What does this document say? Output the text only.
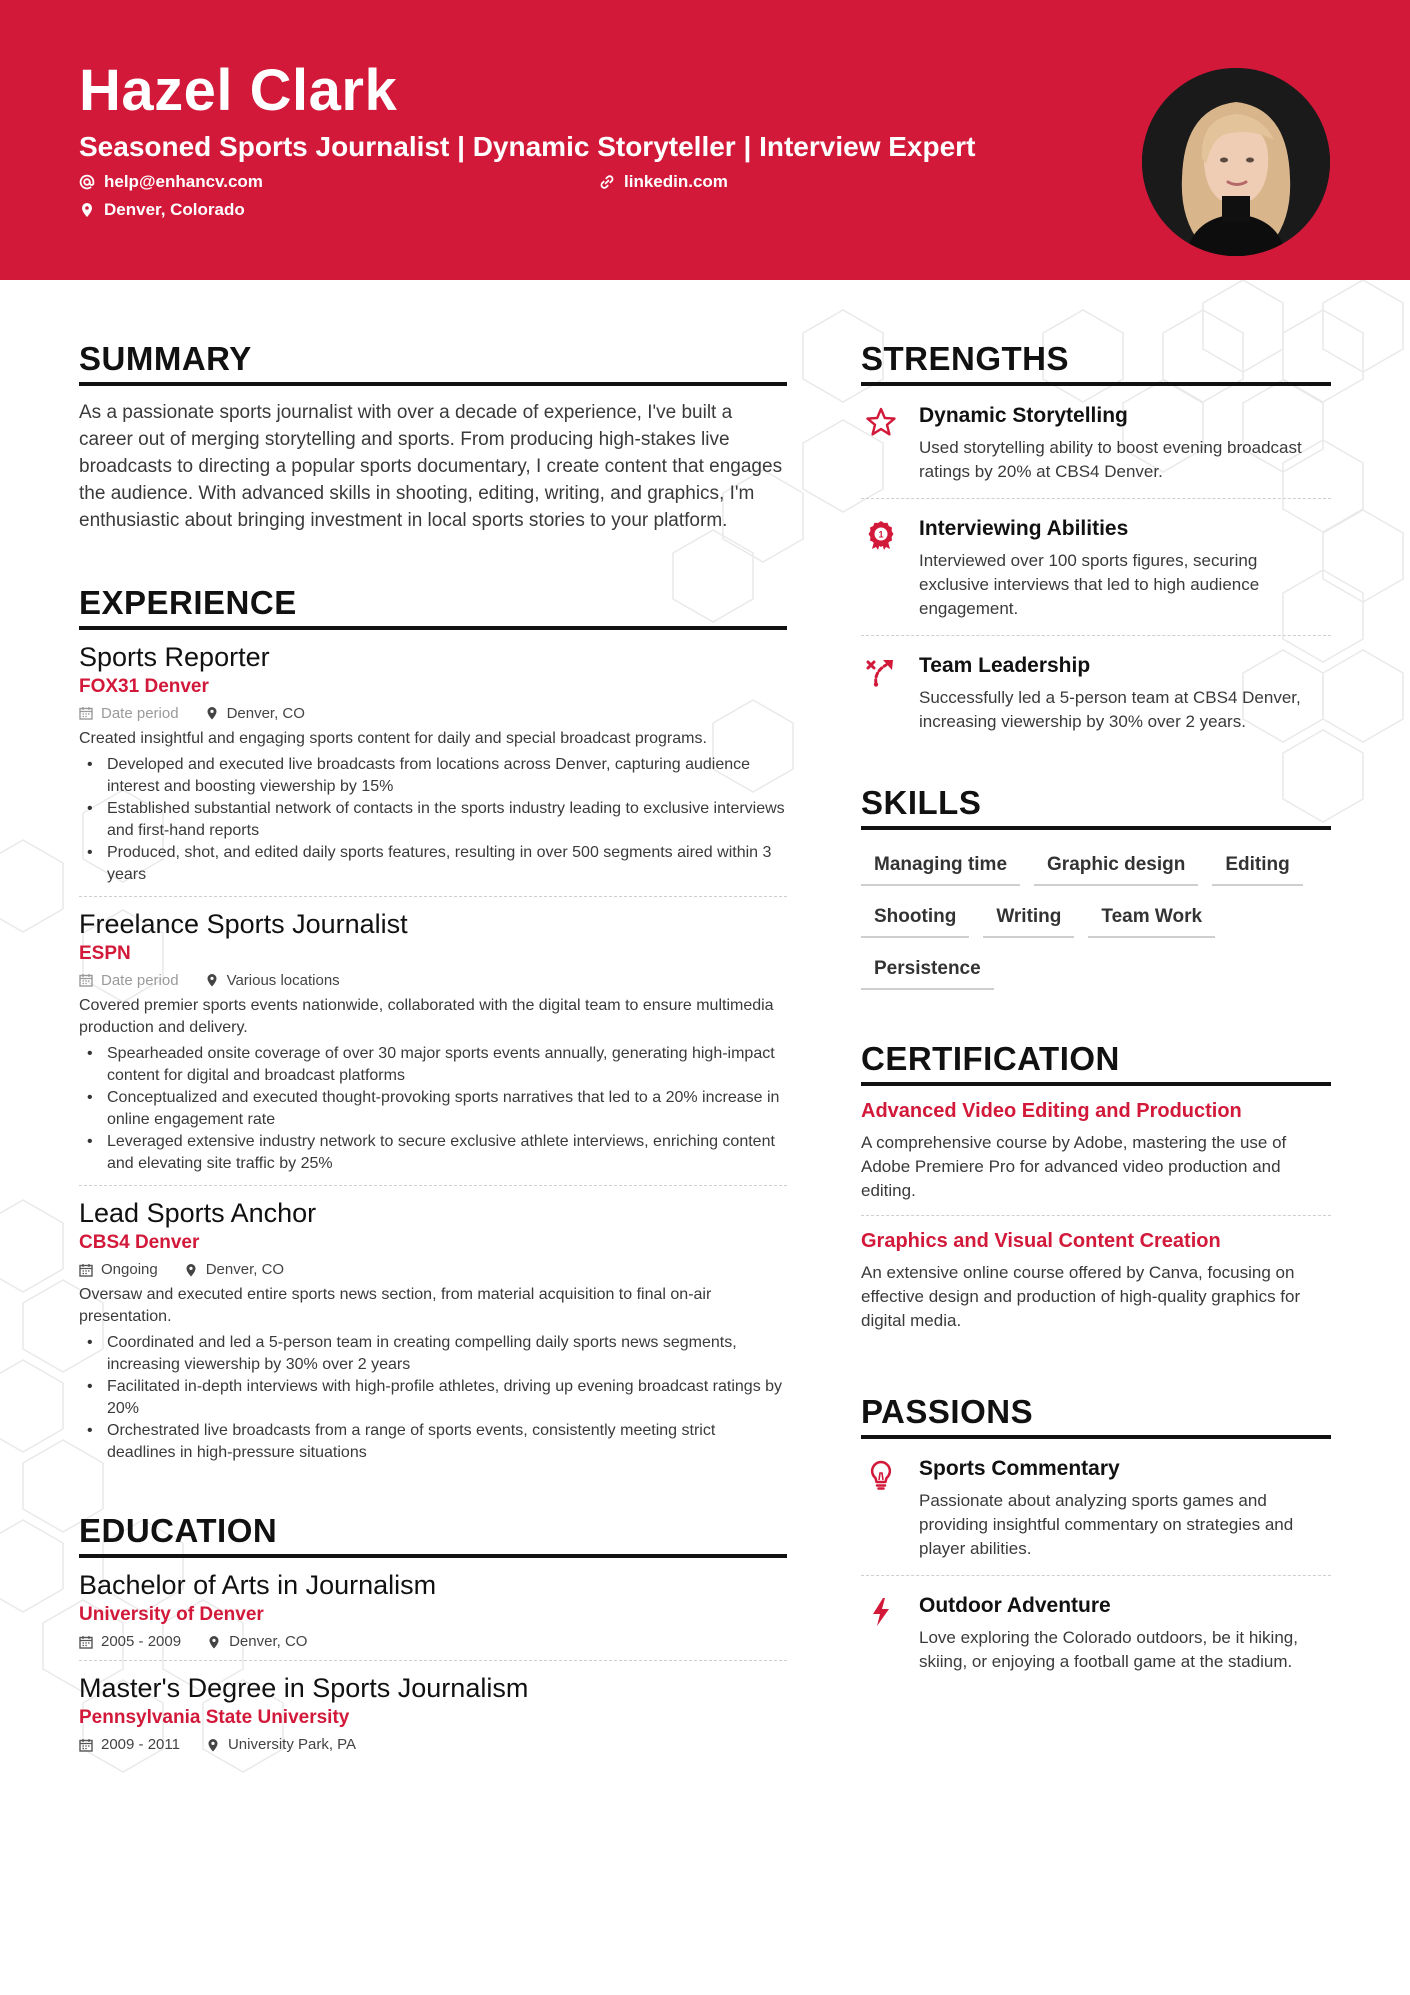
Hazel Clark
Seasoned Sports Journalist | Dynamic Storyteller | Interview Expert
help@enhancv.com	linkedin.com
Denver, Colorado
SUMMARY

As a passionate sports journalist with over a decade of experience, I've built a career out of merging storytelling and sports. From producing high-stakes live broadcasts to directing a popular sports documentary, I create content that engages the audience. With advanced skills in shooting, editing, writing, and graphics, I'm enthusiastic about bringing investment in local sports stories to your platform.

EXPERIENCE
Sports Reporter
FOX31 Denver
Date period	Denver, CO
Created insightful and engaging sports content for daily and special broadcast programs.
• Developed and executed live broadcasts from locations across Denver, capturing audience interest and boosting viewership by 15%
• Established substantial network of contacts in the sports industry leading to exclusive interviews and first-hand reports
• Produced, shot, and edited daily sports features, resulting in over 500 segments aired within 3 years
Freelance Sports Journalist
ESPN
Date period	Various locations
Covered premier sports events nationwide, collaborated with the digital team to ensure multimedia production and delivery.
• Spearheaded onsite coverage of over 30 major sports events annually, generating high-impact content for digital and broadcast platforms
• Conceptualized and executed thought-provoking sports narratives that led to a 20% increase in online engagement rate
• Leveraged extensive industry network to secure exclusive athlete interviews, enriching content and elevating site traffic by 25%
Lead Sports Anchor
CBS4 Denver
Ongoing	Denver, CO
Oversaw and executed entire sports news section, from material acquisition to final on-air presentation.
• Coordinated and led a 5-person team in creating compelling daily sports news segments, increasing viewership by 30% over 2 years
• Facilitated in-depth interviews with high-profile athletes, driving up evening broadcast ratings by 20%
• Orchestrated live broadcasts from a range of sports events, consistently meeting strict deadlines in high-pressure situations
EDUCATION
Bachelor of Arts in Journalism
University of Denver
2005 - 2009	Denver, CO
Master's Degree in Sports Journalism
Pennsylvania State University
2009 - 2011	University Park, PA
STRENGTHS
Dynamic Storytelling
Used storytelling ability to boost evening broadcast ratings by 20% at CBS4 Denver.
1 Interviewing Abilities
Interviewed over 100 sports figures, securing exclusive interviews that led to high audience engagement.
Team Leadership
Successfully led a 5-person team at CBS4 Denver, increasing viewership by 30% over 2 years.
SKILLS
Managing time	Graphic design	Editing
Shooting	Writing	Team Work
Persistence
CERTIFICATION
Advanced Video Editing and Production
A comprehensive course by Adobe, mastering the use of Adobe Premiere Pro for advanced video production and editing.
Graphics and Visual Content Creation
An extensive online course offered by Canva, focusing on effective design and production of high-quality graphics for digital media.
PASSIONS
Sports Commentary
Passionate about analyzing sports games and providing insightful commentary on strategies and player abilities.
Outdoor Adventure
Love exploring the Colorado outdoors, be it hiking, skiing, or enjoying a football game at the stadium.
